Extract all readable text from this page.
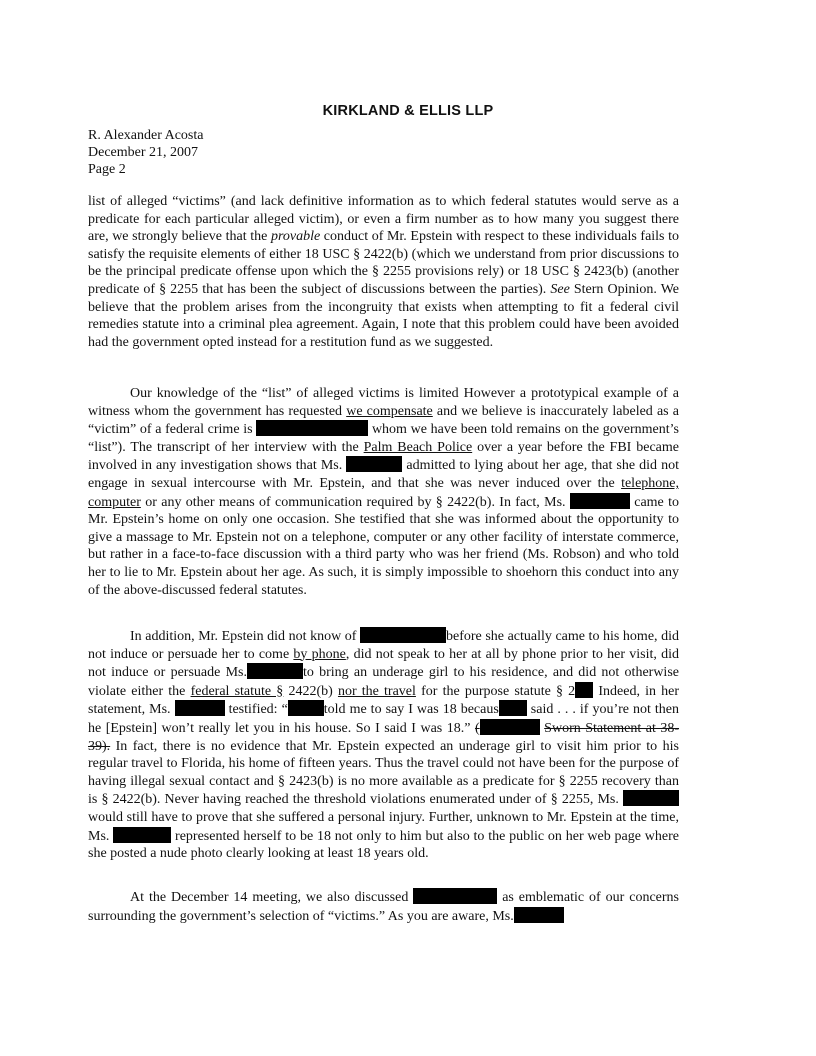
KIRKLAND & ELLIS LLP
R. Alexander Acosta
December 21, 2007
Page 2

list of alleged “victims” (and lack definitive information as to which federal statutes would serve as a predicate for each particular alleged victim), or even a firm number as to how many you suggest there are, we strongly believe that the provable conduct of Mr. Epstein with respect to these individuals fails to satisfy the requisite elements of either 18 USC § 2422(b) (which we understand from prior discussions to be the principal predicate offense upon which the § 2255 provisions rely) or 18 USC § 2423(b) (another predicate of § 2255 that has been the subject of discussions between the parties). See Stern Opinion. We believe that the problem arises from the incongruity that exists when attempting to fit a federal civil remedies statute into a criminal plea agreement. Again, I note that this problem could have been avoided had the government opted instead for a restitution fund as we suggested.

Our knowledge of the “list” of alleged victims is limited However a prototypical example of a witness whom the government has requested we compensate and we believe is inaccurately labeled as a “victim” of a federal crime is	whom we have been told remains on the government’s “list”). The transcript of her interview with the Palm Beach Police over a year before the FBI became involved in any investigation shows that Ms.	admitted to lying about her age, that she did not engage in sexual intercourse with Mr. Epstein, and that she was never induced over the telephone, computer or any other means of communication required by § 2422(b). In fact, Ms.	came to Mr. Epstein’s home on only one occasion. She testified that she was informed about the opportunity to give a massage to Mr. Epstein not on a telephone, computer or any other facility of interstate commerce, but rather in a face-to-face discussion with a third party who was her friend (Ms. Robson) and who told her to lie to Mr. Epstein about her age. As such, it is simply impossible to shoehorn this conduct into any of the above-discussed federal statutes.

In addition, Mr. Epstein did not know of	before she actually came to his home, did not induce or persuade her to come by phone, did not speak to her at all by phone prior to her visit, did not induce or persuade Ms.	to bring an underage girl to his residence, and did not otherwise violate either the federal statute § 2422(b) nor the travel for the purpose statute § 2 Indeed, in her statement, Ms.	testified: “	told me to say I was 18 becaus said . . . if you’re not then he [Epstein] won’t really let you in his house. So I said I was 18.” (	Sworn Statement at 38-39). In fact, there is no evidence that Mr. Epstein expected an underage girl to visit him prior to his regular travel to Florida, his home of fifteen years. Thus the travel could not have been for the purpose of having illegal sexual contact and § 2423(b) is no more available as a predicate for § 2255 recovery than is § 2422(b). Never having reached the threshold violations enumerated under of § 2255, Ms.  would still have to prove that she suffered a personal injury. Further, unknown to Mr. Epstein at the time, Ms.	represented herself to be 18 not only to him but also to the public on her web page where she posted a nude photo clearly looking at least 18 years old.

At the December 14 meeting, we also discussed	as emblematic of our concerns surrounding the government’s selection of “victims.” As you are aware, Ms.
